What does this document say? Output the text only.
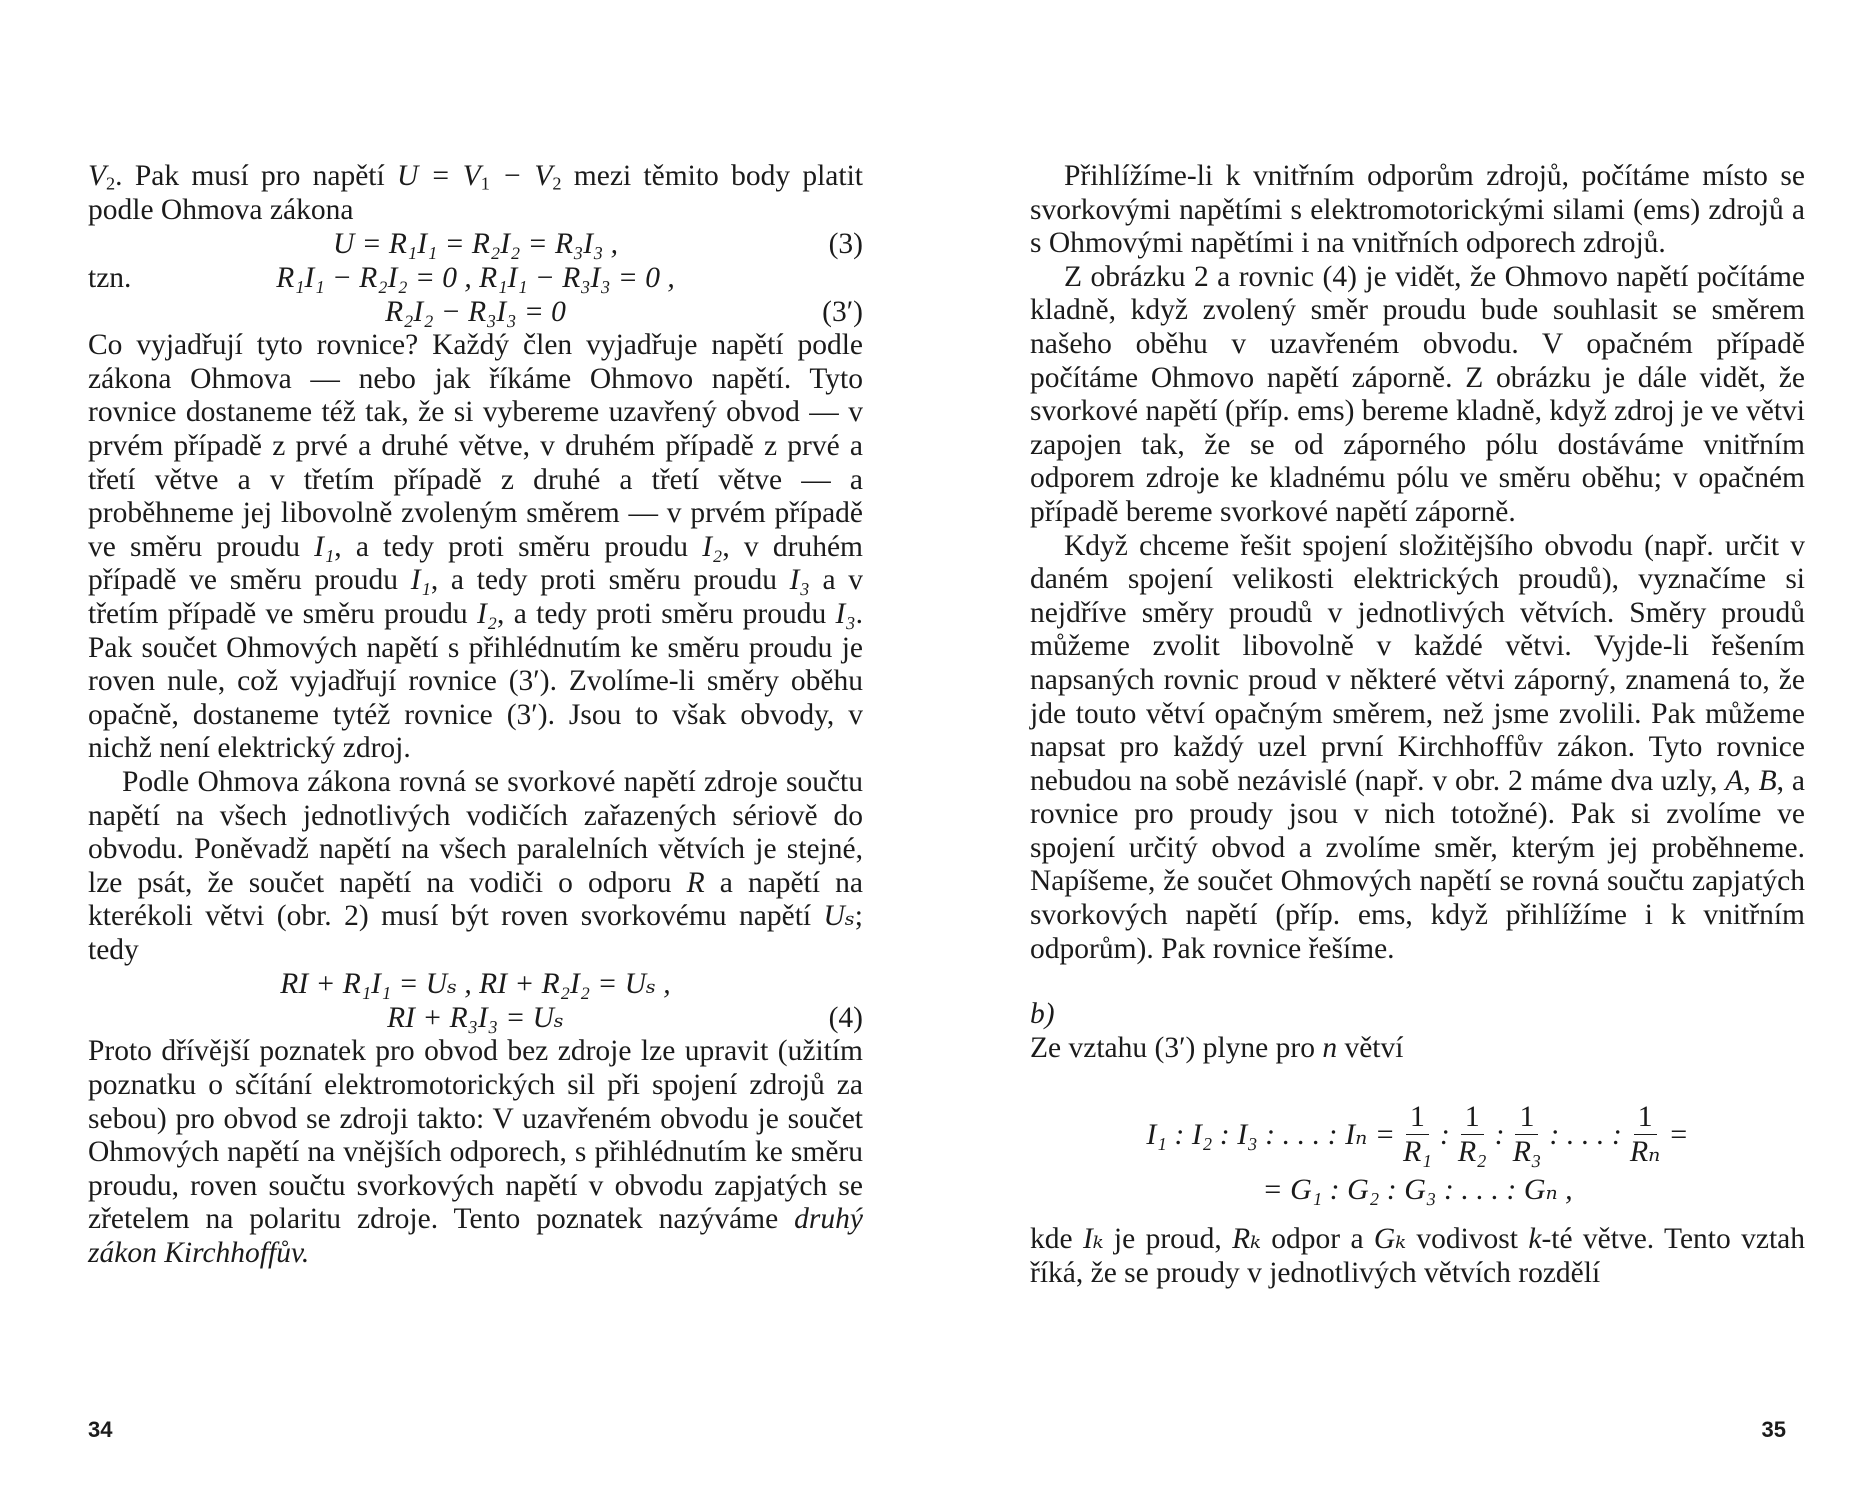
$V_2$. Pak musí pro napětí $U = V_1 - V_2$ mezi těmito body platit podle Ohmova zákona

U = R₁I₁ = R₂I₂ = R₃I₃ ,	(3)
tzn.	R₁I₁ − R₂I₂ = 0 , R₁I₁ − R₃I₃ = 0 ,
R₂I₂ − R₃I₃ = 0	(3′)

Co vyjadřují tyto rovnice? Každý člen vyjadřuje napětí podle zákona Ohmova — nebo jak říkáme Ohmovo napětí. Tyto rovnice dostaneme též tak, že si vybereme uzavřený obvod — v prvém případě z prvé a druhé větve, v druhém případě z prvé a třetí větve a v třetím případě z druhé a třetí větve — a proběhneme jej libovolně zvoleným směrem — v prvém případě ve směru proudu I₁, a tedy proti směru proudu I₂, v druhém případě ve směru proudu I₁, a tedy proti směru proudu I₃ a v třetím případě ve směru proudu I₂, a tedy proti směru proudu I₃. Pak součet Ohmových napětí s přihlédnutím ke směru proudu je roven nule, což vyjadřují rovnice (3′). Zvolíme-li směry oběhu opačně, dostaneme tytéž rovnice (3′). Jsou to však obvody, v nichž není elektrický zdroj.

Podle Ohmova zákona rovná se svorkové napětí zdroje součtu napětí na všech jednotlivých vodičích zařazených sériově do obvodu. Poněvadž napětí na všech paralelních větvích je stejné, lze psát, že součet napětí na vodiči o odporu R a napětí na kterékoli větvi (obr. 2) musí být roven svorkovému napětí Uₛ; tedy

RI + R₁I₁ = Uₛ , RI + R₂I₂ = Uₛ ,
RI + R₃I₃ = Uₛ	(4)

Proto dřívější poznatek pro obvod bez zdroje lze upravit (užitím poznatku o sčítání elektromotorických sil při spojení zdrojů za sebou) pro obvod se zdroji takto: V uzavřeném obvodu je součet Ohmových napětí na vnějších odporech, s přihlédnutím ke směru proudu, roven součtu svorkových napětí v obvodu zapjatých se zřetelem na polaritu zdroje. Tento poznatek nazýváme druhý zákon Kirchhoffův.

34

Přihlížíme-li k vnitřním odporům zdrojů, počítáme místo se svorkovými napětími s elektromotorickými silami (ems) zdrojů a s Ohmovými napětími i na vnitřních odporech zdrojů.

Z obrázku 2 a rovnic (4) je vidět, že Ohmovo napětí počítáme kladně, když zvolený směr proudu bude souhlasit se směrem našeho oběhu v uzavřeném obvodu. V opačném případě počítáme Ohmovo napětí záporně. Z obrázku je dále vidět, že svorkové napětí (příp. ems) bereme kladně, když zdroj je ve větvi zapojen tak, že se od záporného pólu dostáváme vnitřním odporem zdroje ke kladnému pólu ve směru oběhu; v opačném případě bereme svorkové napětí záporně.

Když chceme řešit spojení složitějšího obvodu (např. určit v daném spojení velikosti elektrických proudů), vyznačíme si nejdříve směry proudů v jednotlivých větvích. Směry proudů můžeme zvolit libovolně v každé větvi. Vyjde-li řešením napsaných rovnic proud v některé větvi záporný, znamená to, že jde touto větví opačným směrem, než jsme zvolili. Pak můžeme napsat pro každý uzel první Kirchhoffův zákon. Tyto rovnice nebudou na sobě nezávislé (např. v obr. 2 máme dva uzly, A, B, a rovnice pro proudy jsou v nich totožné). Pak si zvolíme ve spojení určitý obvod a zvolíme směr, kterým jej proběhneme. Napíšeme, že součet Ohmových napětí se rovná součtu zapjatých svorkových napětí (příp. ems, když přihlížíme i k vnitřním odporům). Pak rovnice řešíme.

b)

Ze vztahu (3′) plyne pro n větví

I₁ : I₂ : I₃ : . . . : $I_n = \frac{1}{\text{R₁}}$ : $\frac{1}{\text{R₂}}$ : $\frac{1}{\text{R₃}}$ : . . . : $\frac{1}{\text{Rₙ}}$ =
= G₁ : G₂ : G₃ : . . . : Gₙ ,

kde Iₖ je proud, Rₖ odpor a Gₖ vodivost k-té větve. Tento vztah říká, že se proudy v jednotlivých větvích rozdělí

35
